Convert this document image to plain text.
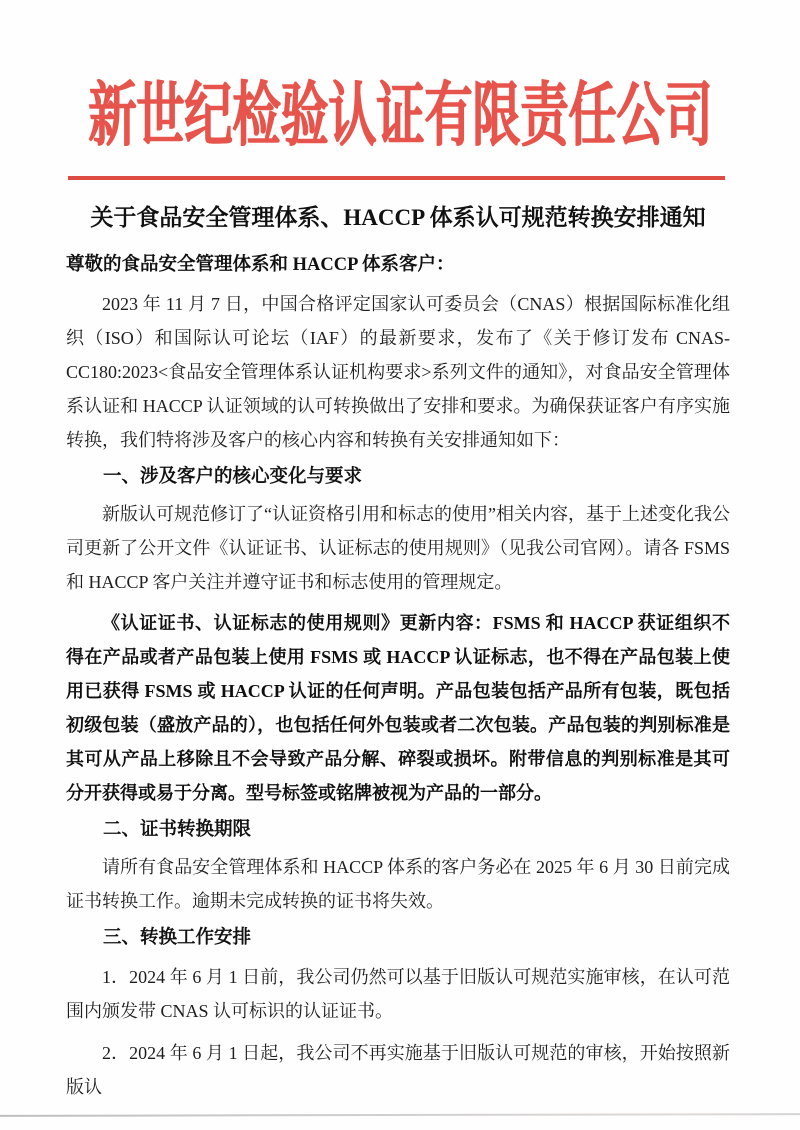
新世纪检验认证有限责任公司
关于食品安全管理体系、HACCP 体系认可规范转换安排通知
尊敬的食品安全管理体系和 HACCP 体系客户：

2023 年 11 月 7 日，中国合格评定国家认可委员会（CNAS）根据国际标准化组织（ISO）和国际认可论坛（IAF）的最新要求，发布了《关于修订发布 CNAS-CC180:2023<食品安全管理体系认证机构要求>系列文件的通知》，对食品安全管理体系认证和 HACCP 认证领域的认可转换做出了安排和要求。为确保获证客户有序实施转换，我们特将涉及客户的核心内容和转换有关安排通知如下：

一、涉及客户的核心变化与要求

新版认可规范修订了“认证资格引用和标志的使用”相关内容，基于上述变化我公司更新了公开文件《认证证书、认证标志的使用规则》（见我公司官网）。请各 FSMS 和 HACCP 客户关注并遵守证书和标志使用的管理规定。

《认证证书、认证标志的使用规则》更新内容：FSMS 和 HACCP 获证组织不得在产品或者产品包装上使用 FSMS 或 HACCP 认证标志，也不得在产品包装上使用已获得 FSMS 或 HACCP 认证的任何声明。产品包装包括产品所有包装，既包括初级包装（盛放产品的），也包括任何外包装或者二次包装。产品包装的判别标准是其可从产品上移除且不会导致产品分解、碎裂或损坏。附带信息的判别标准是其可分开获得或易于分离。型号标签或铭牌被视为产品的一部分。

二、证书转换期限

请所有食品安全管理体系和 HACCP 体系的客户务必在 2025 年 6 月 30 日前完成证书转换工作。逾期未完成转换的证书将失效。

三、转换工作安排

1．2024 年 6 月 1 日前，我公司仍然可以基于旧版认可规范实施审核，在认可范围内颁发带 CNAS 认可标识的认证证书。

2．2024 年 6 月 1 日起，我公司不再实施基于旧版认可规范的审核，开始按照新版认
